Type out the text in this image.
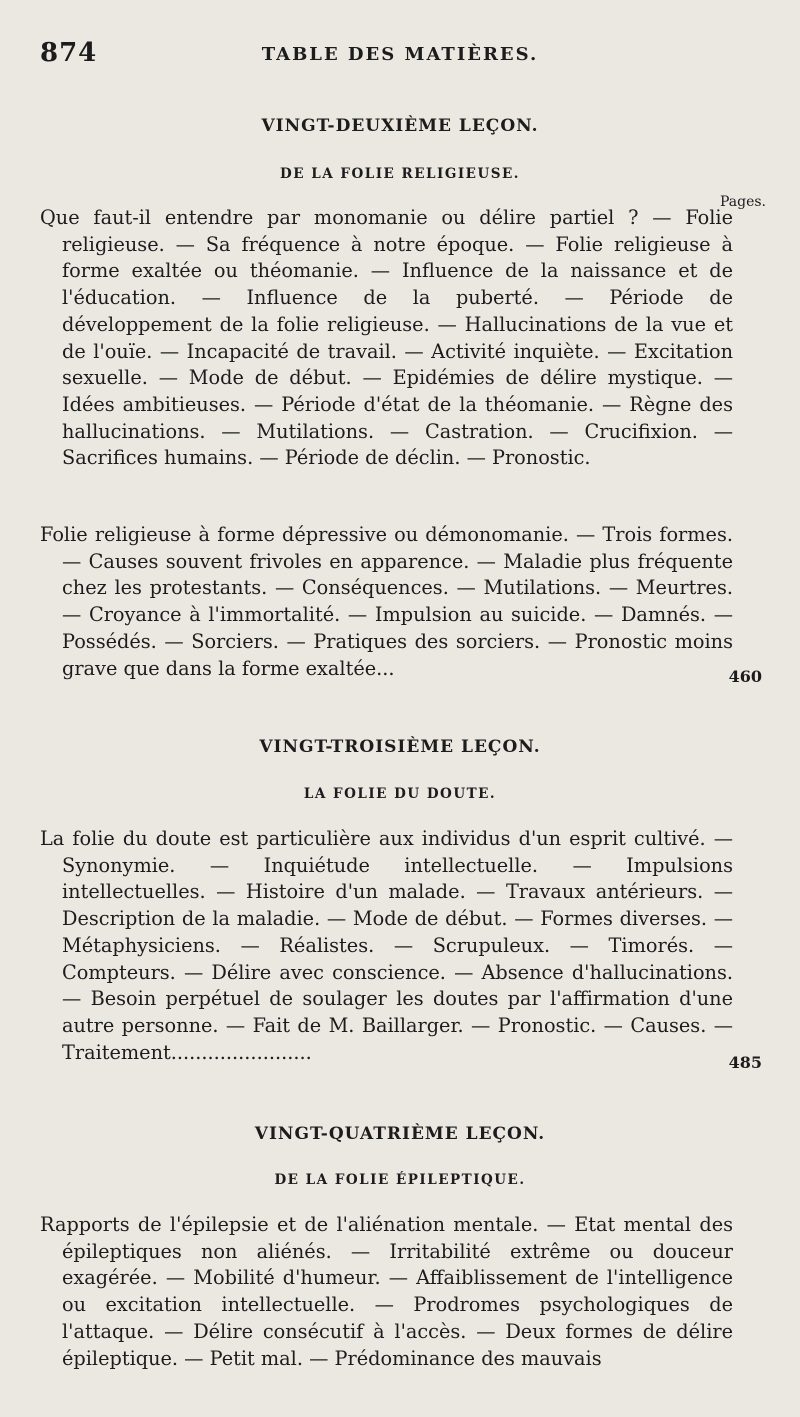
874	TABLE DES MATIÈRES.
VINGT-DEUXIÈME LEÇON.
DE LA FOLIE RELIGIEUSE.
Pages.

Que faut-il entendre par monomanie ou délire partiel ? — Folie religieuse. — Sa fréquence à notre époque. — Folie religieuse à forme exaltée ou théomanie. — Influence de la naissance et de l'éducation. — Influence de la puberté. — Période de développement de la folie religieuse. — Hallucinations de la vue et de l'ouïe. — Incapacité de travail. — Activité inquiète. — Excitation sexuelle. — Mode de début. — Epidémies de délire mystique. — Idées ambitieuses. — Période d'état de la théomanie. — Règne des hallucinations. — Mutilations. — Castration. — Crucifixion. — Sacrifices humains. — Période de déclin. — Pronostic.

Folie religieuse à forme dépressive ou démonomanie. — Trois formes. — Causes souvent frivoles en apparence. — Maladie plus fréquente chez les protestants. — Conséquences. — Mutilations. — Meurtres. — Croyance à l'immortalité. — Impulsion au suicide. — Damnés. — Possédés. — Sorciers. — Pratiques des sorciers. — Pronostic moins grave que dans la forme exaltée...	460
VINGT-TROISIÈME LEÇON.
LA FOLIE DU DOUTE.

La folie du doute est particulière aux individus d'un esprit cultivé. — Synonymie. — Inquiétude intellectuelle. — Impulsions intellectuelles. — Histoire d'un malade. — Travaux antérieurs. — Description de la maladie. — Mode de début. — Formes diverses. — Métaphysiciens. — Réalistes. — Scrupuleux. — Timorés. — Compteurs. — Délire avec conscience. — Absence d'hallucinations. — Besoin perpétuel de soulager les doutes par l'affirmation d'une autre personne. — Fait de M. Baillarger. — Pronostic. — Causes. — Traitement.......................	485
VINGT-QUATRIÈME LEÇON.
DE LA FOLIE ÉPILEPTIQUE.

Rapports de l'épilepsie et de l'aliénation mentale. — Etat mental des épileptiques non aliénés. — Irritabilité extrême ou douceur exagérée. — Mobilité d'humeur. — Affaiblissement de l'intelligence ou excitation intellectuelle. — Prodromes psychologiques de l'attaque. — Délire consécutif à l'accès. — Deux formes de délire épileptique. — Petit mal. — Prédominance des mauvais
